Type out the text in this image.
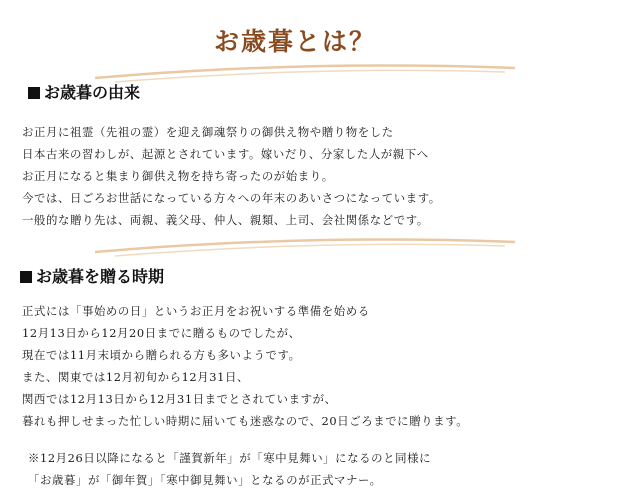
お歳暮とは？
お歳暮の由来
お正月に祖霊（先祖の霊）を迎え御魂祭りの御供え物や贈り物をした
日本古来の習わしが、起源とされています。嫁いだり、分家した人が親下へ
お正月になると集まり御供え物を持ち寄ったのが始まり。
今では、日ごろお世話になっている方々への年末のあいさつになっています。
一般的な贈り先は、両親、義父母、仲人、親類、上司、会社関係などです。
お歳暮を贈る時期
正式には「事始めの日」というお正月をお祝いする準備を始める
12月13日から12月20日までに贈るものでしたが、
現在では11月末頃から贈られる方も多いようです。
また、関東では12月初旬から12月31日、
関西では12月13日から12月31日までとされていますが、
暮れも押しせまった忙しい時期に届いても迷惑なので、20日ごろまでに贈ります。
※12月26日以降になると「謹賀新年」が「寒中見舞い」になるのと同様に
「お歳暮」が「御年賀」「寒中御見舞い」となるのが正式マナー。
